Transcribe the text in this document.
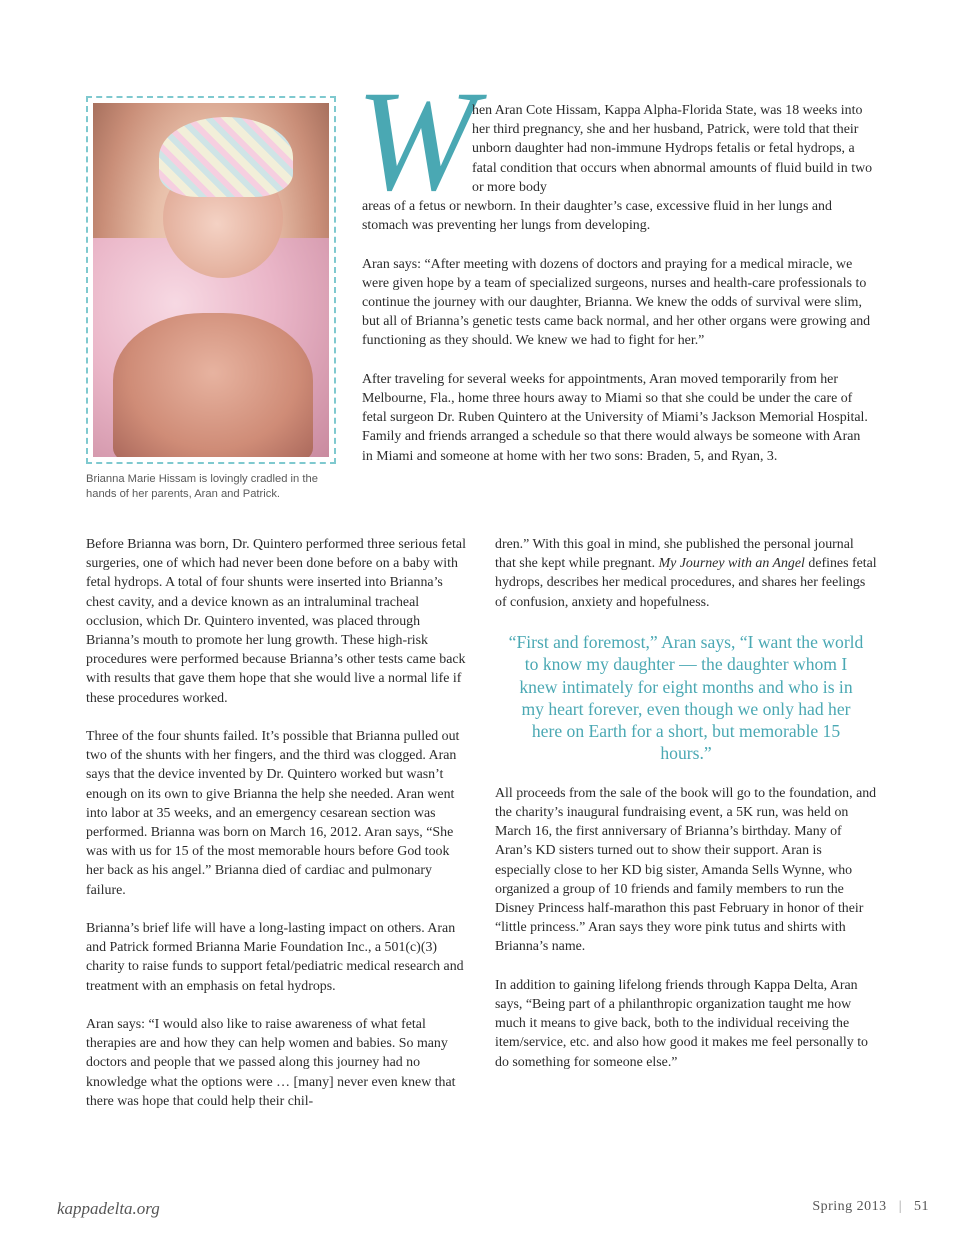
Brianna Marie Hissam is lovingly cradled in the hands of her parents, Aran and Patrick.
W
hen Aran Cote Hissam, Kappa Alpha-Florida State, was 18 weeks into her third pregnancy, she and her husband, Patrick, were told that their unborn daughter had non-immune Hydrops fetalis or fetal hydrops, a fatal condition that occurs when abnormal amounts of fluid build in two or more body

areas of a fetus or newborn. In their daughter’s case, excessive fluid in her lungs and stomach was preventing her lungs from developing.

Aran says: “After meeting with dozens of doctors and praying for a medical miracle, we were given hope by a team of specialized surgeons, nurses and health-care professionals to continue the journey with our daughter, Brianna. We knew the odds of survival were slim, but all of Brianna’s genetic tests came back normal, and her other organs were growing and functioning as they should. We knew we had to fight for her.”

After traveling for several weeks for appointments, Aran moved temporarily from her Melbourne, Fla., home three hours away to Miami so that she could be under the care of fetal surgeon Dr. Ruben Quintero at the University of Miami’s Jackson Memorial Hospital. Family and friends arranged a schedule so that there would always be someone with Aran in Miami and someone at home with her two sons: Braden, 5, and Ryan, 3.

Before Brianna was born, Dr. Quintero performed three serious fetal surgeries, one of which had never been done before on a baby with fetal hydrops. A total of four shunts were inserted into Brianna’s chest cavity, and a device known as an intraluminal tracheal occlusion, which Dr. Quintero invented, was placed through Brianna’s mouth to promote her lung growth. These high-risk procedures were performed because Brianna’s other tests came back with results that gave them hope that she would live a normal life if these procedures worked.

Three of the four shunts failed. It’s possible that Brianna pulled out two of the shunts with her fingers, and the third was clogged. Aran says that the device invented by Dr. Quintero worked but wasn’t enough on its own to give Brianna the help she needed. Aran went into labor at 35 weeks, and an emergency cesarean section was performed. Brianna was born on March 16, 2012. Aran says, “She was with us for 15 of the most memorable hours before God took her back as his angel.” Brianna died of cardiac and pulmonary failure.

Brianna’s brief life will have a long-lasting impact on others. Aran and Patrick formed Brianna Marie Foundation Inc., a 501(c)(3) charity to raise funds to support fetal/pediatric medical research and treatment with an emphasis on fetal hydrops.

Aran says: “I would also like to raise awareness of what fetal therapies are and how they can help women and babies. So many doctors and people that we passed along this journey had no knowledge what the options were … [many] never even knew that there was hope that could help their chil-

dren.” With this goal in mind, she published the personal journal that she kept while pregnant. My Journey with an Angel defines fetal hydrops, describes her medical procedures, and shares her feelings of confusion, anxiety and hopefulness.

“First and foremost,” Aran says, “I want the world to know my daughter — the daughter whom I knew intimately for eight months and who is in my heart forever, even though we only had her here on Earth for a short, but memorable 15 hours.”

All proceeds from the sale of the book will go to the foundation, and the charity’s inaugural fundraising event, a 5K run, was held on March 16, the first anniversary of Brianna’s birthday. Many of Aran’s KD sisters turned out to show their support. Aran is especially close to her KD big sister, Amanda Sells Wynne, who organized a group of 10 friends and family members to run the Disney Princess half-marathon this past February in honor of their “little princess.” Aran says they wore pink tutus and shirts with Brianna’s name.

In addition to gaining lifelong friends through Kappa Delta, Aran says, “Being part of a philanthropic organization taught me how much it means to give back, both to the individual receiving the item/service, etc. and also how good it makes me feel personally to do something for someone else.”

kappadelta.org	Spring 2013 | 51
